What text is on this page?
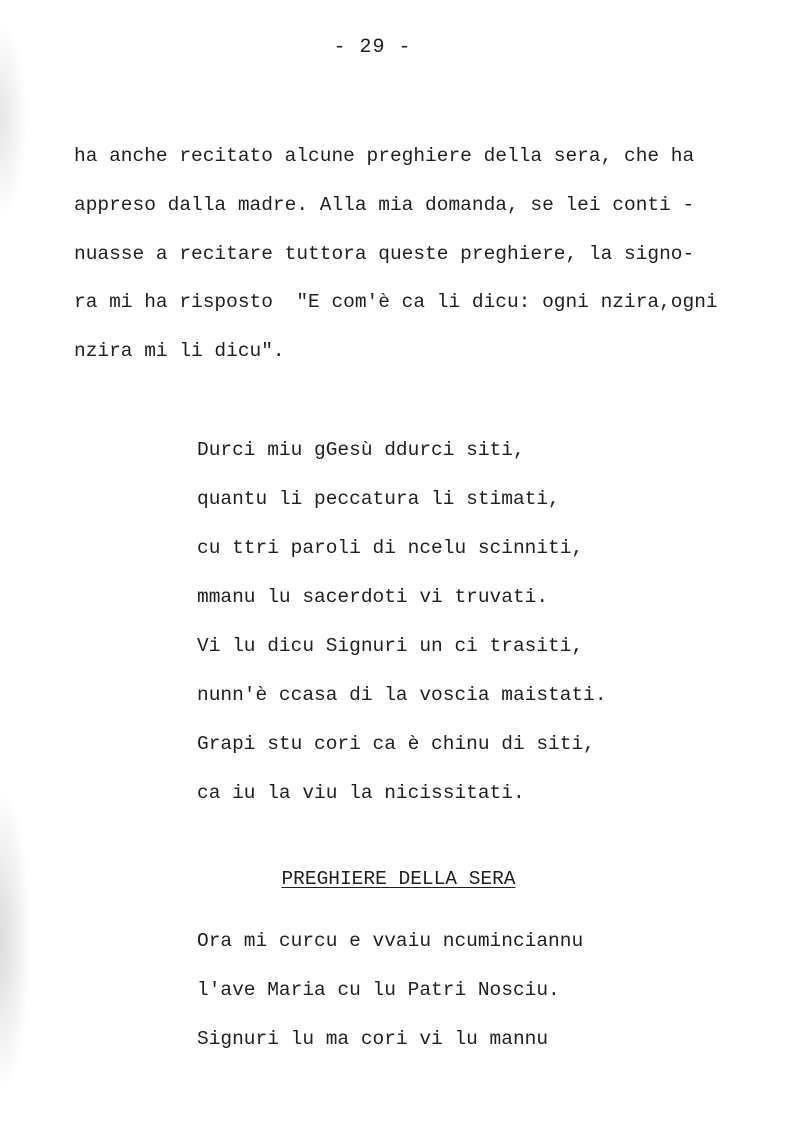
- 29 -
ha anche recitato alcune preghiere della sera, che ha
appreso dalla madre. Alla mia domanda, se lei conti -
nuasse a recitare tuttora queste preghiere, la signo-
ra mi ha risposto  "E com'è ca li dicu: ogni nzira,ogni
nzira mi li dicu".
Durci miu gGesù ddurci siti,
quantu li peccatura li stimati,
cu ttri paroli di ncelu scinniti,
mmanu lu sacerdoti vi truvati.
Vi lu dicu Signuri un ci trasiti,
nunn'è ccasa di la voscia maistati.
Grapi stu cori ca è chinu di siti,
ca iu la viu la nicissitati.
PREGHIERE DELLA SERA
Ora mi curcu e vvaiu ncuminciannu
l'ave Maria cu lu Patri Nosciu.
Signuri lu ma cori vi lu mannu
